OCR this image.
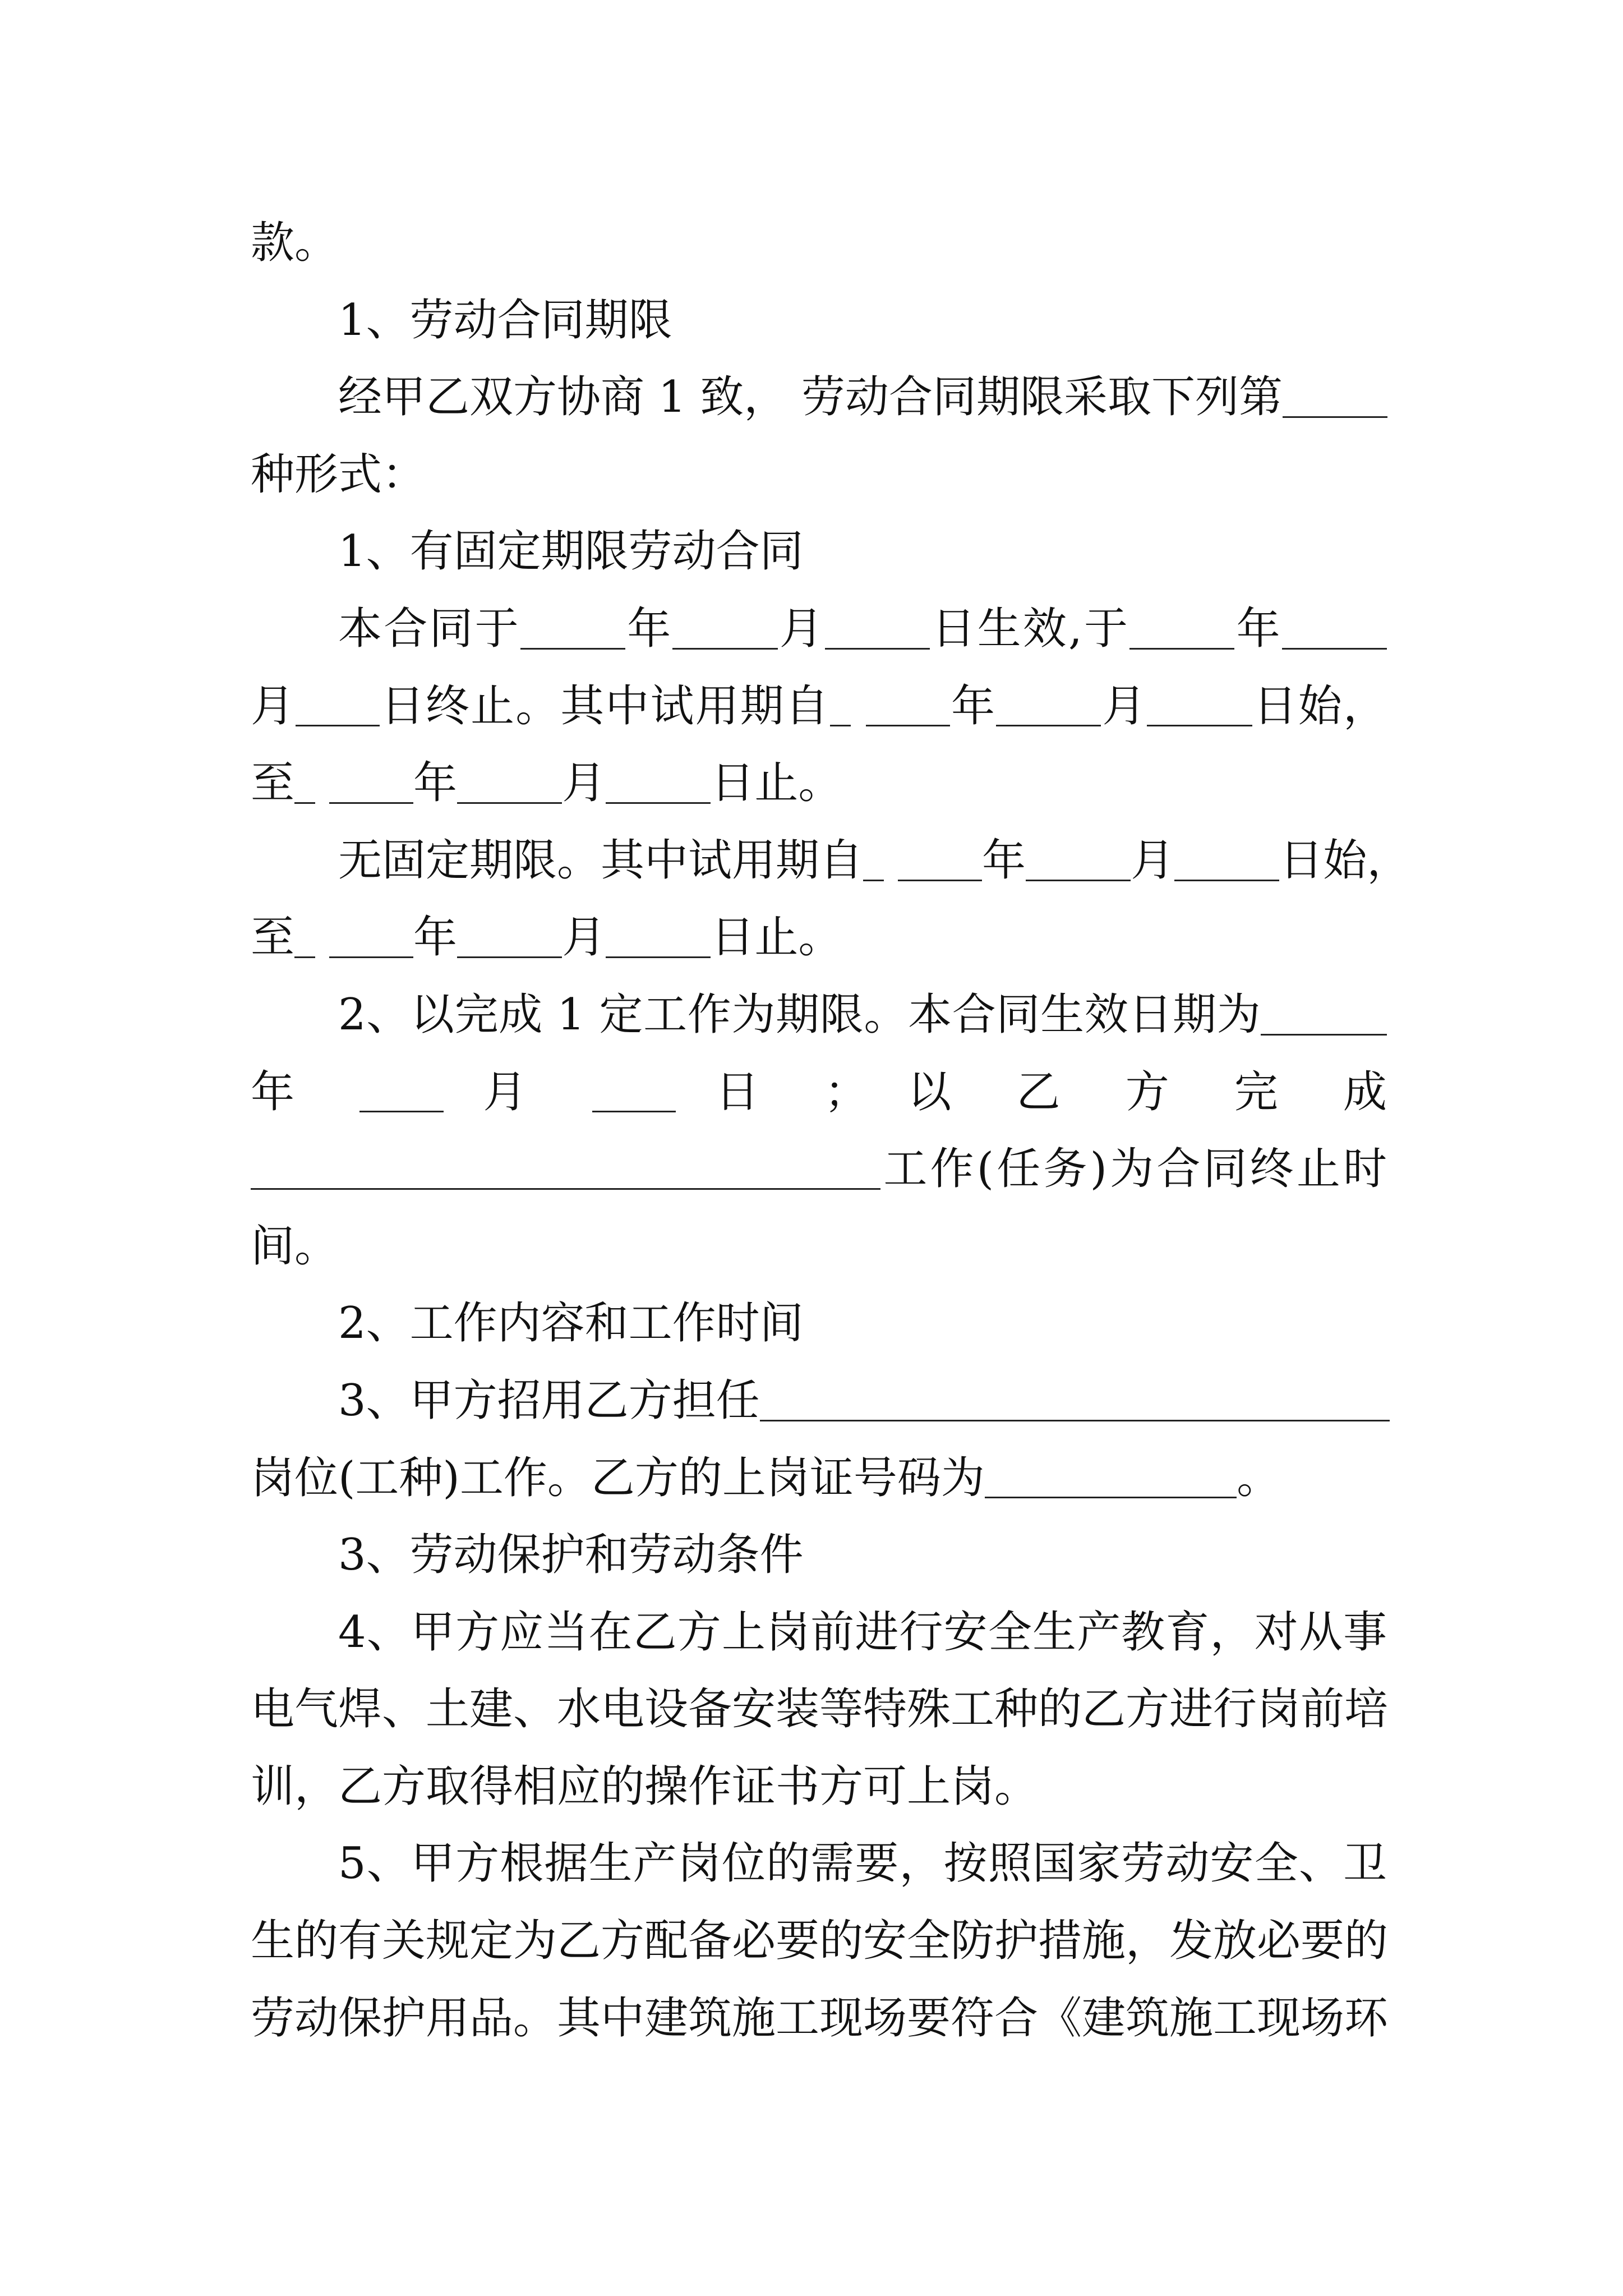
款。
1、劳动合同期限
经甲乙双方协商 1 致， 劳动合同期限采取下列第
种形式：
1、有固定期限劳动合同
本合同于 年 月 日生效,于 年
月 日终止。其中试用期自	年 月 日始，
至	年 月 日止。
无固定期限。其中试用期自	年 月 日始，
至	年 月 日止。
2、以完成 1 定工作为期限。本合同生效日期为
年  月  日 ； 以 乙 方 完 成
工作(任务)为合同终止时
间。
2、工作内容和工作时间
3、甲方招用乙方担任
岗位(工种)工作。乙方的上岗证号码为	。
3、劳动保护和劳动条件
4、甲方应当在乙方上岗前进行安全生产教育，对从事
电气焊、土建、水电设备安装等特殊工种的乙方进行岗前培
训，乙方取得相应的操作证书方可上岗。
5、甲方根据生产岗位的需要，按照国家劳动安全、卫
生的有关规定为乙方配备必要的安全防护措施，发放必要的
劳动保护用品。其中建筑施工现场要符合《建筑施工现场环
